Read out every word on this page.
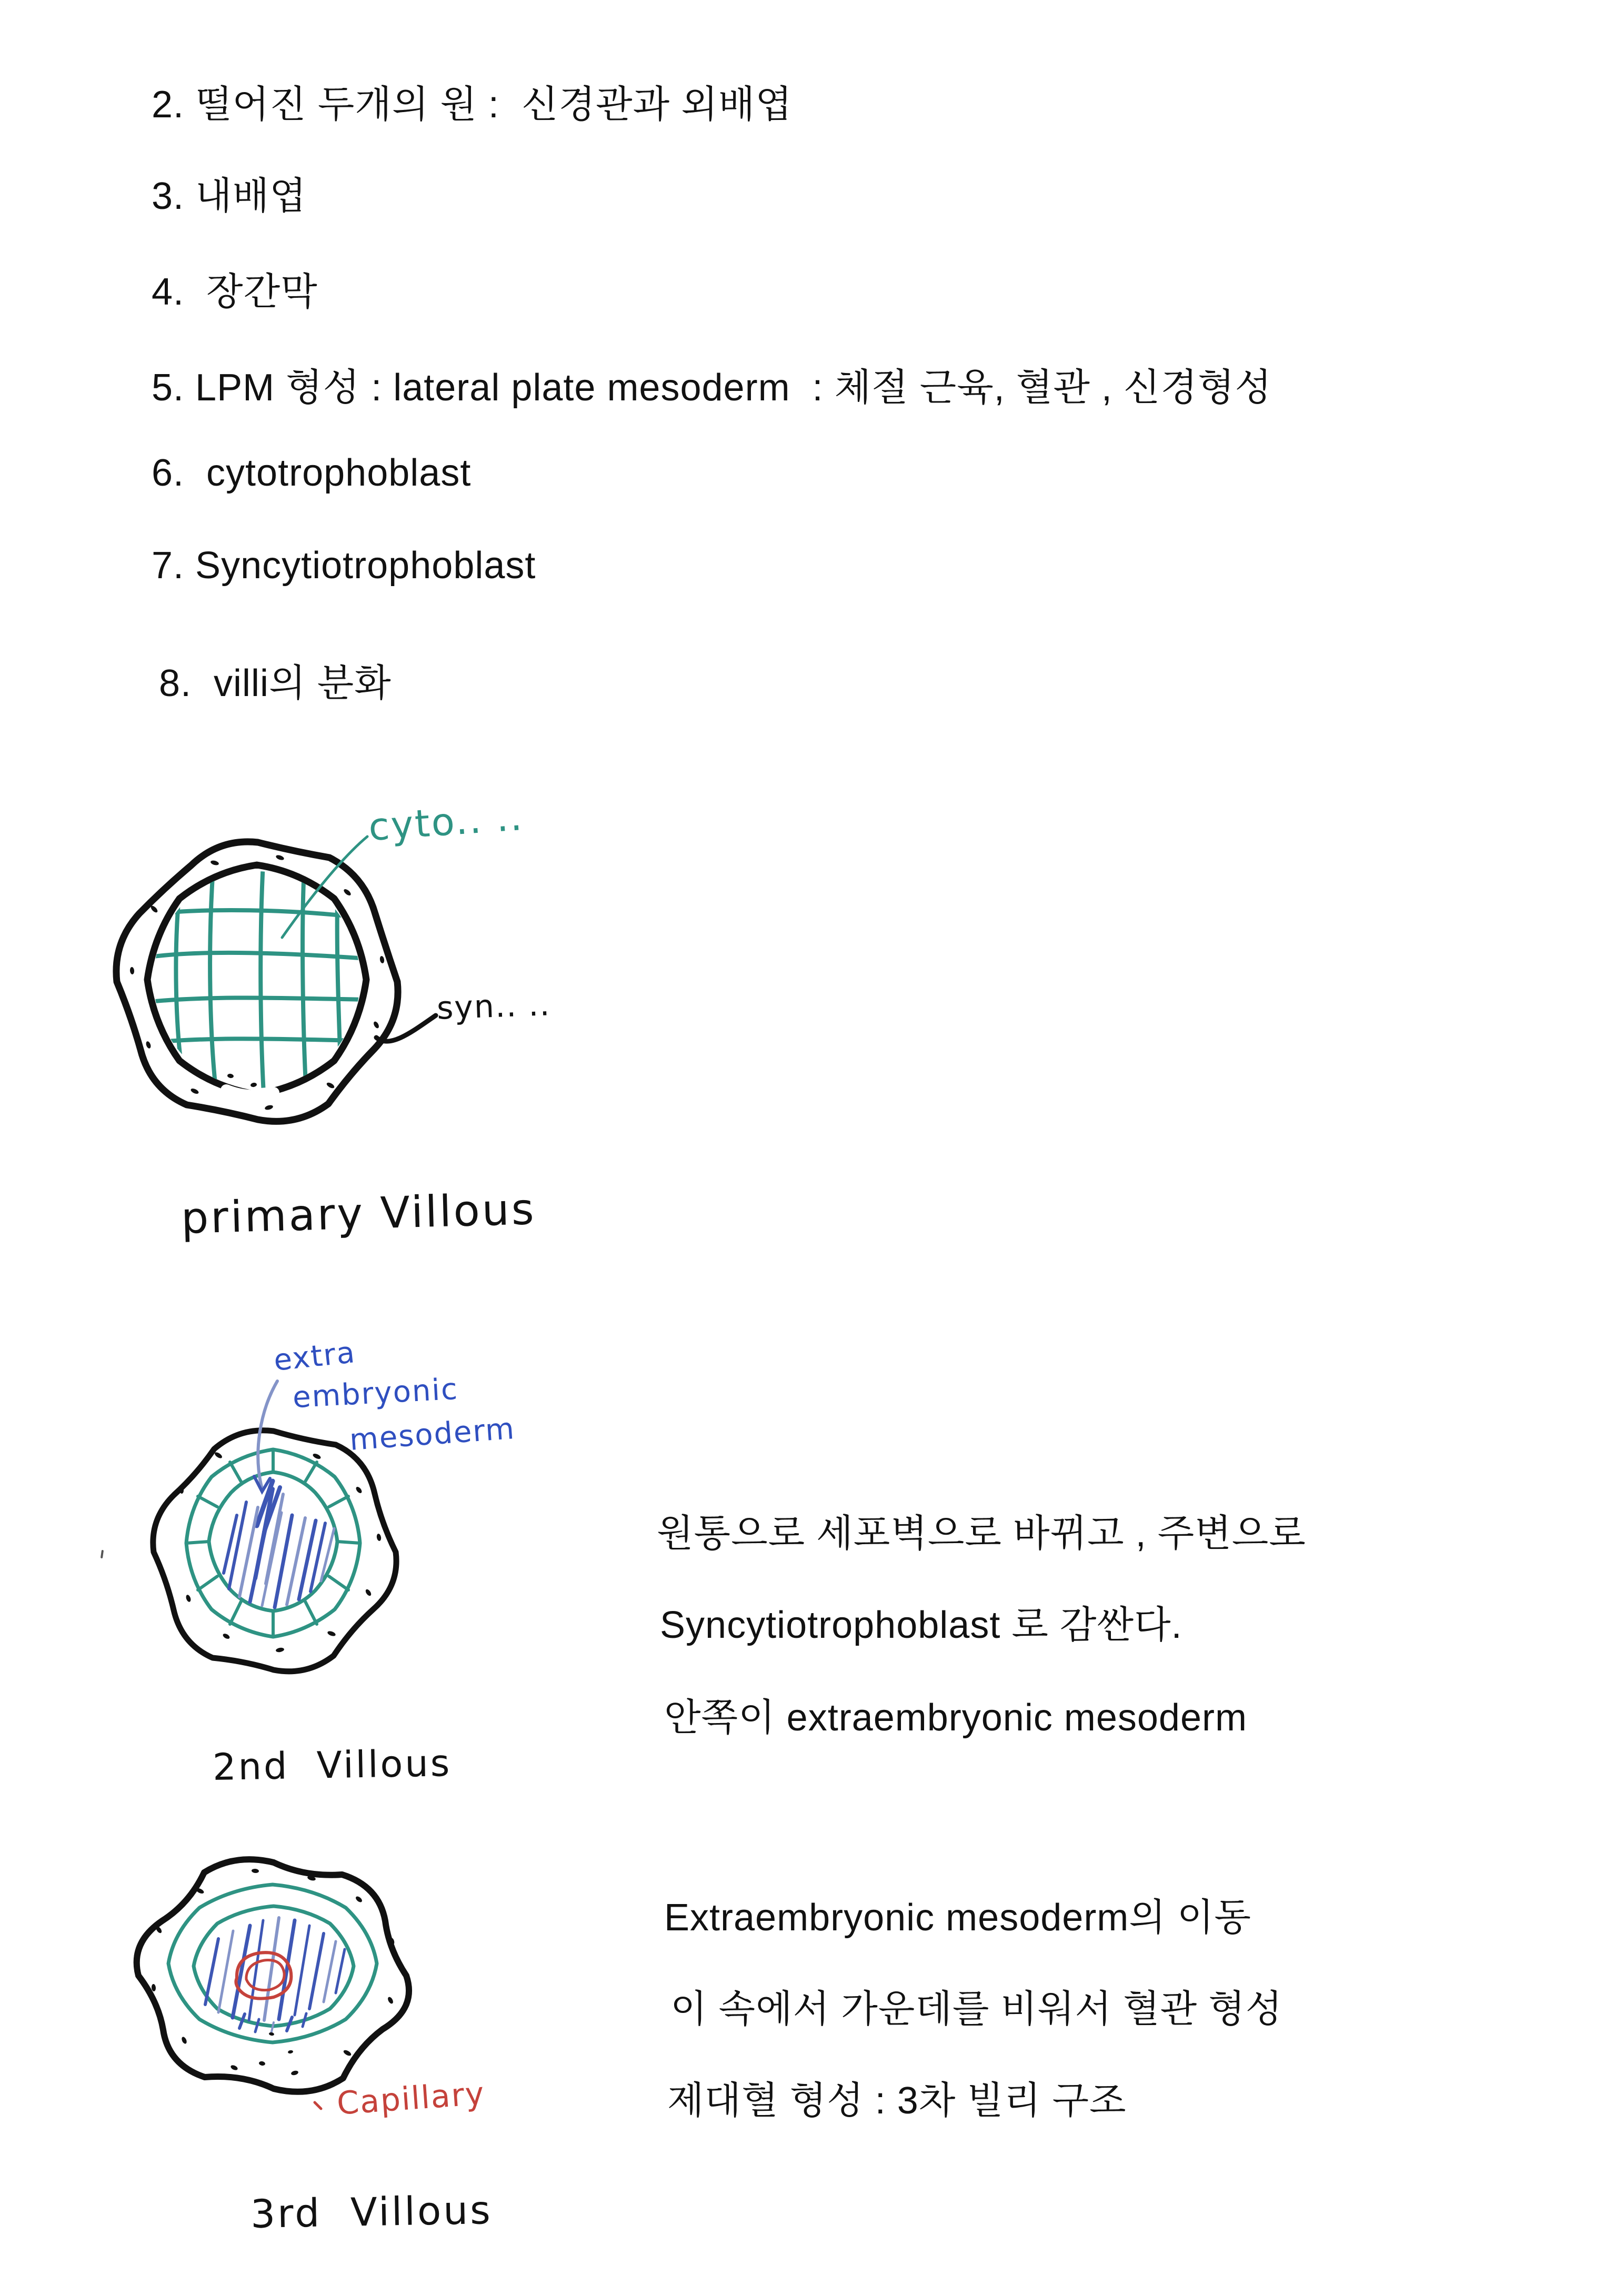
2. 떨어진 두개의 원 :  신경관과 외배엽
3. 내배엽
4.  장간막
5. LPM 형성 : lateral plate mesoderm  : 체절 근육, 혈관 , 신경형성
6.  cytotrophoblast
7. Syncytiotrophoblast
8.  villi의 분화
cyto.. ..
syn.. ..
primary Villous
extra
embryonic
mesoderm
2nd  Villous
원통으로 세포벽으로 바뀌고 , 주변으로
Syncytiotrophoblast 로 감싼다.
안쪽이 extraembryonic mesoderm
Capillary
3rd  Villous
Extraembryonic mesoderm의 이동
이 속에서 가운데를 비워서 혈관 형성
제대혈 형성 : 3차 빌리 구조
